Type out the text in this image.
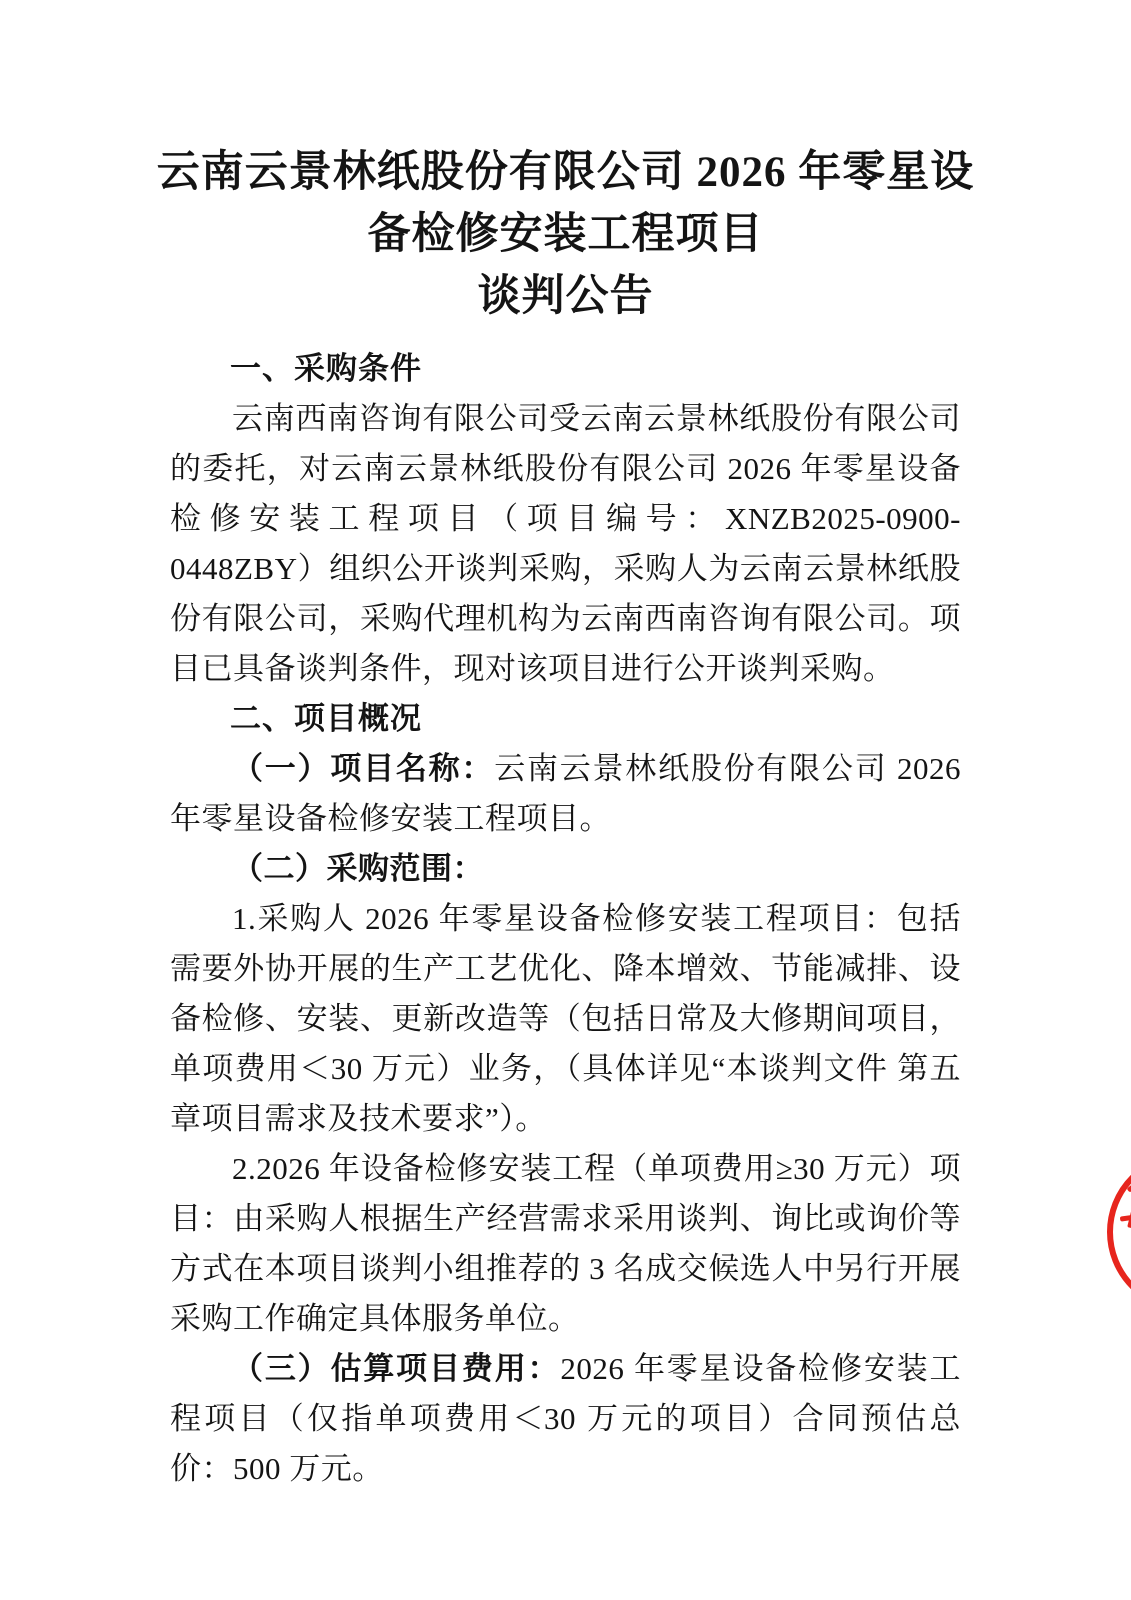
云南云景林纸股份有限公司 2026 年零星设
备检修安装工程项目
谈判公告
一、采购条件

云南西南咨询有限公司受云南云景林纸股份有限公司的委托，对云南云景林纸股份有限公司 2026 年零星设备检修安装工程项目（项目编号：XNZB2025-0900-0448ZBY）组织公开谈判采购，采购人为云南云景林纸股份有限公司，采购代理机构为云南西南咨询有限公司。项目已具备谈判条件，现对该项目进行公开谈判采购。

二、项目概况

（一）项目名称：云南云景林纸股份有限公司 2026 年零星设备检修安装工程项目。

（二）采购范围：

1.采购人 2026 年零星设备检修安装工程项目：包括需要外协开展的生产工艺优化、降本增效、节能减排、设备检修、安装、更新改造等（包括日常及大修期间项目，单项费用＜30 万元）业务，（具体详见“本谈判文件 第五章项目需求及技术要求”）。

2.2026 年设备检修安装工程（单项费用≥30 万元）项目：由采购人根据生产经营需求采用谈判、询比或询价等方式在本项目谈判小组推荐的 3 名成交候选人中另行开展采购工作确定具体服务单位。

（三）估算项目费用：2026 年零星设备检修安装工程项目（仅指单项费用＜30 万元的项目）合同预估总价：500 万元。
